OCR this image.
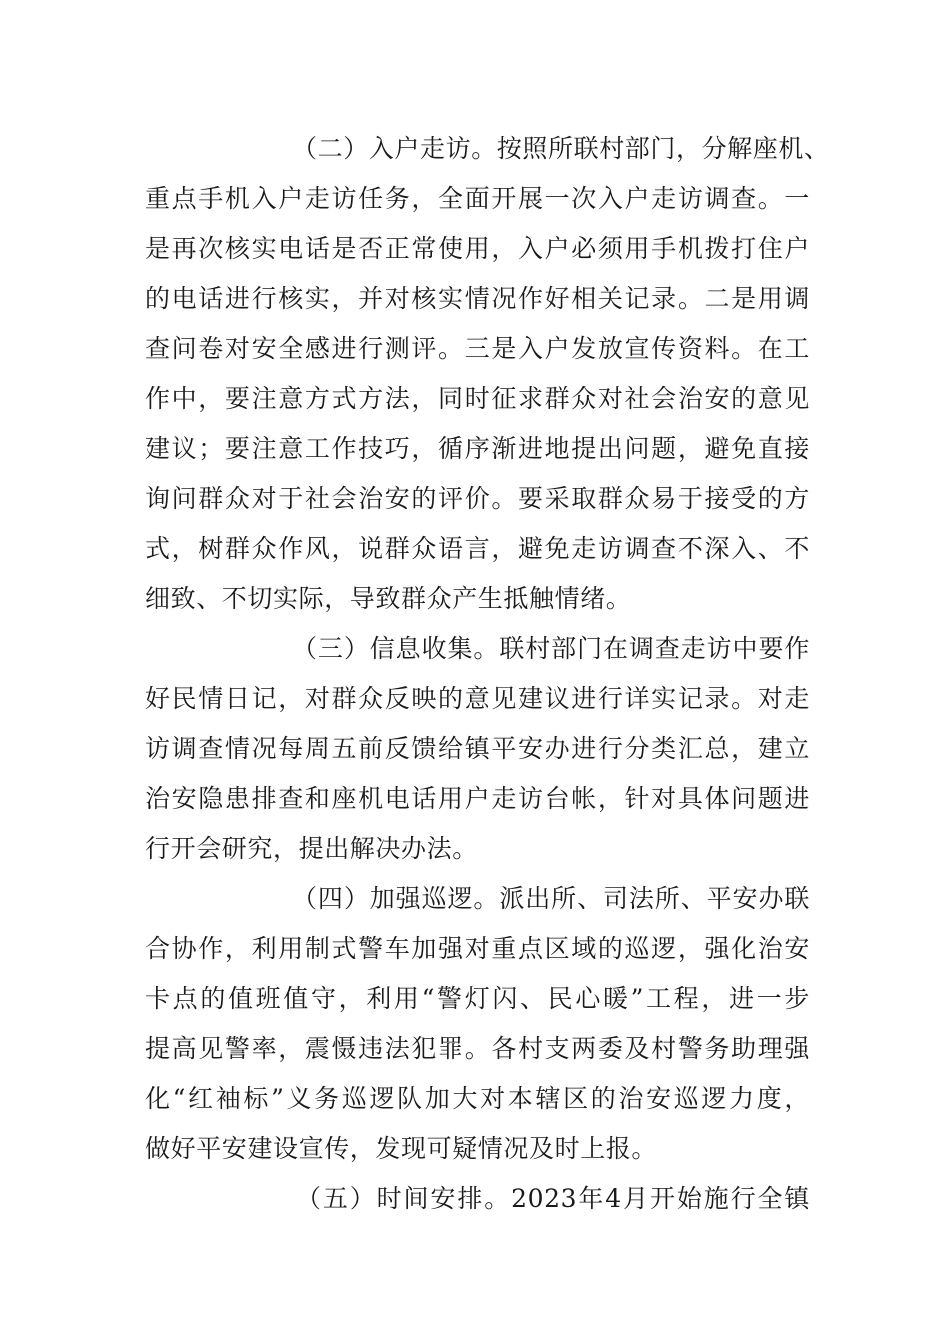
（二）入户走访。按照所联村部门，分解座机、
重点手机入户走访任务，全面开展一次入户走访调查。一
是再次核实电话是否正常使用，入户必须用手机拨打住户
的电话进行核实，并对核实情况作好相关记录。二是用调
查问卷对安全感进行测评。三是入户发放宣传资料。在工
作中，要注意方式方法，同时征求群众对社会治安的意见
建议；要注意工作技巧，循序渐进地提出问题，避免直接
询问群众对于社会治安的评价。要采取群众易于接受的方
式，树群众作风，说群众语言，避免走访调查不深入、不
细致、不切实际，导致群众产生抵触情绪。
（三）信息收集。联村部门在调查走访中要作
好民情日记，对群众反映的意见建议进行详实记录。对走
访调查情况每周五前反馈给镇平安办进行分类汇总，建立
治安隐患排查和座机电话用户走访台帐，针对具体问题进
行开会研究，提出解决办法。
（四）加强巡逻。派出所、司法所、平安办联
合协作，利用制式警车加强对重点区域的巡逻，强化治安
卡点的值班值守，利用“警灯闪、民心暖”工程，进一步
提高见警率，震慑违法犯罪。各村支两委及村警务助理强
化“红袖标”义务巡逻队加大对本辖区的治安巡逻力度，
做好平安建设宣传，发现可疑情况及时上报。
（五）时间安排。2023年4月开始施行全镇
